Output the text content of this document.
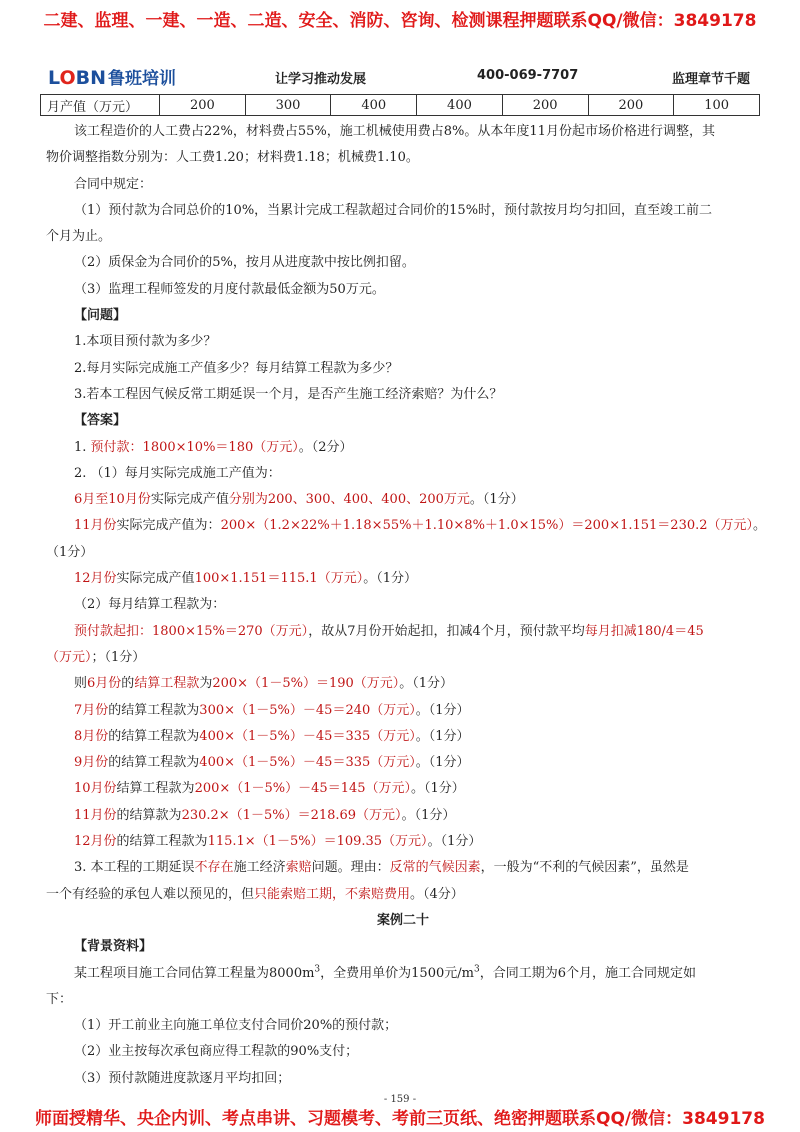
二建、监理、一建、一造、二造、安全、消防、咨询、检测课程押题联系QQ/微信：3849178
LOBN 鲁班培训	让学习推动发展	400-069-7707	监理章节千题
月产值（万元）	200	300	400	400	200	200	100

该工程造价的人工费占22%，材料费占55%，施工机械使用费占8%。从本年度11月份起市场价格进行调整，其

物价调整指数分别为：人工费1.20；材料费1.18；机械费1.10。

合同中规定：

（1）预付款为合同总价的10%，当累计完成工程款超过合同价的15%时，预付款按月均匀扣回，直至竣工前二

个月为止。

（2）质保金为合同价的5%，按月从进度款中按比例扣留。

（3）监理工程师签发的月度付款最低金额为50万元。

【问题】

1.本项目预付款为多少？

2.每月实际完成施工产值多少？每月结算工程款为多少？

3.若本工程因气候反常工期延误一个月，是否产生施工经济索赔？为什么？

【答案】

1. 预付款：1800×10%＝180（万元）。（2分）

2. （1）每月实际完成施工产值为：

6月至10月份实际完成产值分别为200、300、400、400、200万元。（1分）

11月份实际完成产值为：200×（1.2×22%＋1.18×55%＋1.10×8%＋1.0×15%）＝200×1.151＝230.2（万元）。

（1分）

12月份实际完成产值100×1.151＝115.1（万元）。（1分）

（2）每月结算工程款为：

预付款起扣：1800×15%＝270（万元），故从7月份开始起扣，扣减4个月，预付款平均每月扣减180/4＝45

（万元）；（1分）

则6月份的结算工程款为200×（1－5%）＝190（万元）。（1分）

7月份的结算工程款为300×（1－5%）－45＝240（万元）。（1分）

8月份的结算工程款为400×（1－5%）－45＝335（万元）。（1分）

9月份的结算工程款为400×（1－5%）－45＝335（万元）。（1分）

10月份结算工程款为200×（1－5%）－45＝145（万元）。（1分）

11月份的结算款为230.2×（1－5%）＝218.69（万元）。（1分）

12月份的结算工程款为115.1×（1－5%）＝109.35（万元）。（1分）

3. 本工程的工期延误不存在施工经济索赔问题。理由：反常的气候因素，一般为“不利的气候因素”，虽然是

一个有经验的承包人难以预见的，但只能索赔工期，不索赔费用。（4分）

案例二十

【背景资料】

某工程项目施工合同估算工程量为$8000m^3$，全费用单价为1500元$/m^3$，合同工期为6个月，施工合同规定如

下：

（1）开工前业主向施工单位支付合同价20%的预付款；

（2）业主按每次承包商应得工程款的90%支付；

（3）预付款随进度款逐月平均扣回；

- 159 -
师面授精华、央企内训、考点串讲、习题模考、考前三页纸、绝密押题联系QQ/微信：3849178
